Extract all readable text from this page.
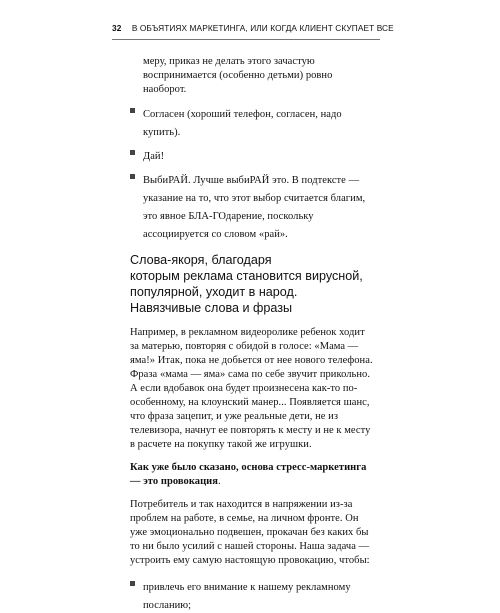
32 В ОБЪЯТИЯХ МАРКЕТИНГА, ИЛИ КОГДА КЛИЕНТ СКУПАЕТ ВСЕ

меру, приказ не делать этого зачастую воспринимается (особенно детьми) ровно наоборот.

Согласен (хороший телефон, согласен, надо купить).
Дай!
ВыбиРАЙ. Лучше выбиРАЙ это. В подтексте — указание на то, что этот выбор считается благим, это явное БЛА-ГОдарение, поскольку ассоциируется со словом «рай».
Слова-якоря, благодаря
которым реклама становится вирусной,
популярной, уходит в народ.
Навязчивые слова и фразы

Например, в рекламном видеоролике ребенок ходит за матерью, повторяя с обидой в голосе: «Мама — яма!» Итак, пока не добьется от нее нового телефона. Фраза «мама — яма» сама по себе звучит прикольно. А если вдобавок она будет произнесена как-то по-особенному, на клоунский манер... Появляется шанс, что фраза зацепит, и уже реальные дети, не из телевизора, начнут ее повторять к месту и не к месту в расчете на покупку такой же игрушки.

Как уже было сказано, основа стресс-маркетинга — это провокация.

Потребитель и так находится в напряжении из-за проблем на работе, в семье, на личном фронте. Он уже эмоционально подвешен, прокачан без каких бы то ни было усилий с нашей стороны. Наша задача — устроить ему самую настоящую провокацию, чтобы:

привлечь его внимание к нашему рекламному посланию;
